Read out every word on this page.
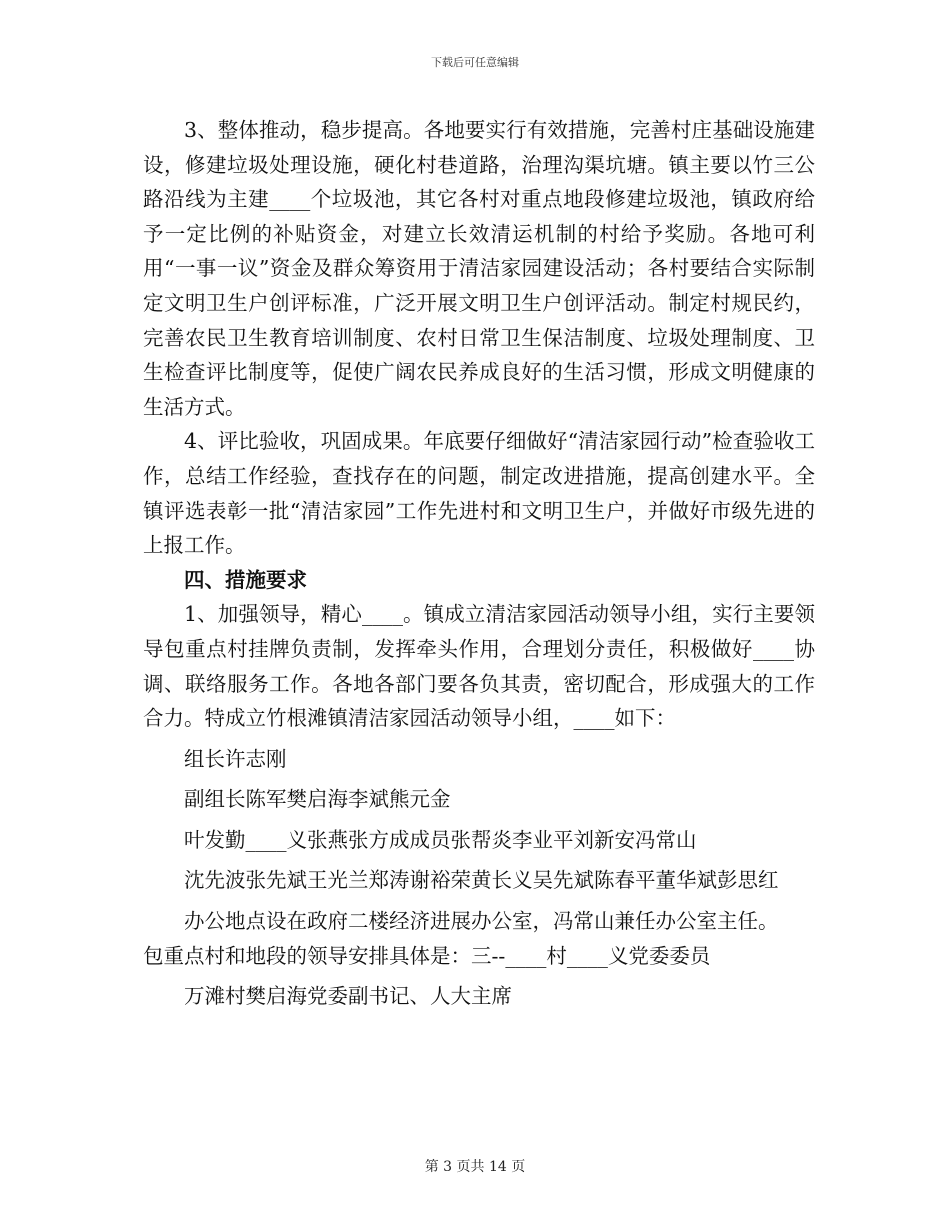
下载后可任意编辑

3、整体推动，稳步提高。各地要实行有效措施，完善村庄基础设施建设，修建垃圾处理设施，硬化村巷道路，治理沟渠坑塘。镇主要以竹三公路沿线为主建____个垃圾池，其它各村对重点地段修建垃圾池，镇政府给予一定比例的补贴资金，对建立长效清运机制的村给予奖励。各地可利用“一事一议”资金及群众筹资用于清洁家园建设活动；各村要结合实际制定文明卫生户创评标准，广泛开展文明卫生户创评活动。制定村规民约，完善农民卫生教育培训制度、农村日常卫生保洁制度、垃圾处理制度、卫生检查评比制度等，促使广阔农民养成良好的生活习惯，形成文明健康的生活方式。

4、评比验收，巩固成果。年底要仔细做好“清洁家园行动”检查验收工作，总结工作经验，查找存在的问题，制定改进措施，提高创建水平。全镇评选表彰一批“清洁家园”工作先进村和文明卫生户，并做好市级先进的上报工作。

四、措施要求

1、加强领导，精心____。镇成立清洁家园活动领导小组，实行主要领导包重点村挂牌负责制，发挥牵头作用，合理划分责任，积极做好____协调、联络服务工作。各地各部门要各负其责，密切配合，形成强大的工作合力。特成立竹根滩镇清洁家园活动领导小组，____如下：

组长许志刚

副组长陈军樊启海李斌熊元金

叶发勤____义张燕张方成成员张帮炎李业平刘新安冯常山

沈先波张先斌王光兰郑涛谢裕荣黄长义吴先斌陈春平董华斌彭思红

办公地点设在政府二楼经济进展办公室，冯常山兼任办公室主任。

包重点村和地段的领导安排具体是：三--____村____义党委委员

万滩村樊启海党委副书记、人大主席

第 3 页共 14 页
